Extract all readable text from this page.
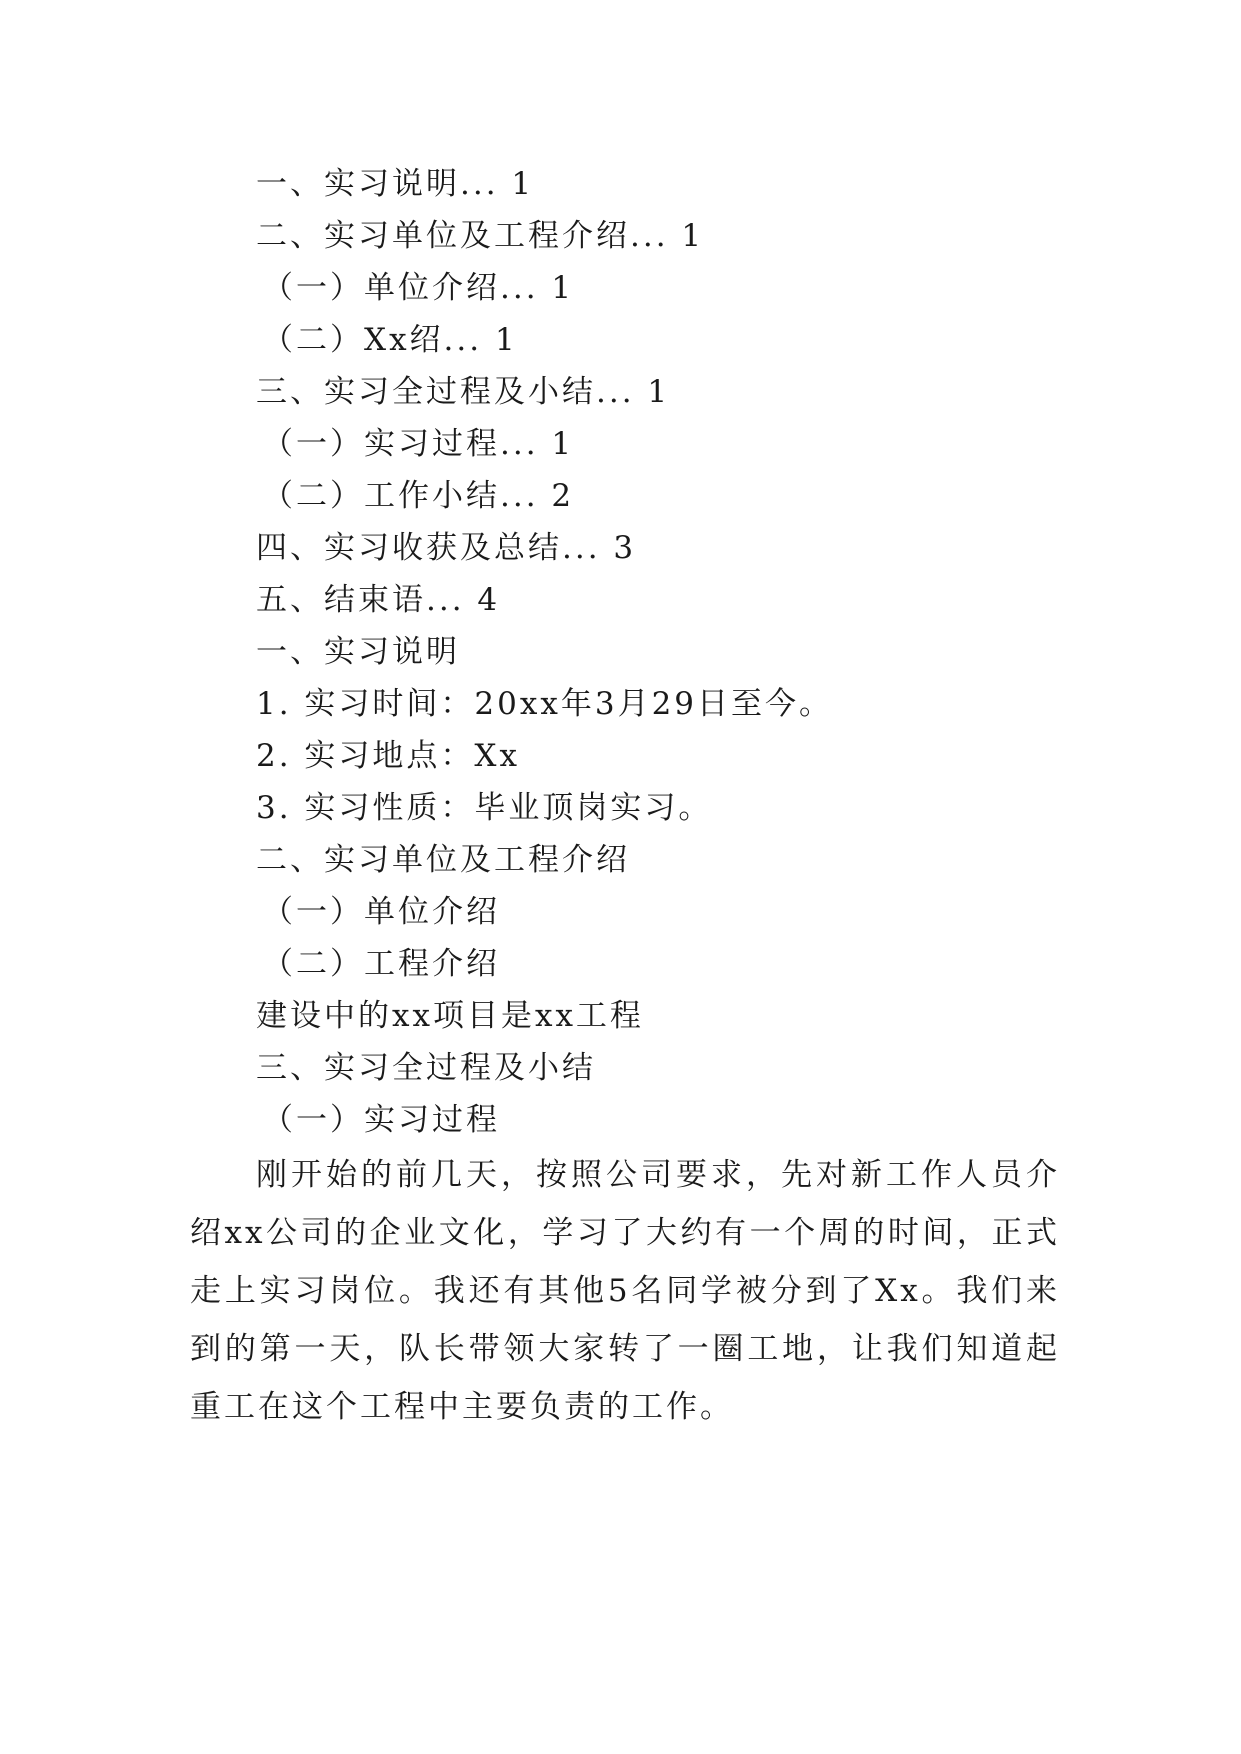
一、实习说明... 1
二、实习单位及工程介绍... 1
（一）单位介绍... 1
（二）Xx绍... 1
三、实习全过程及小结... 1
（一）实习过程... 1
（二）工作小结... 2
四、实习收获及总结... 3
五、结束语... 4
一、实习说明
1. 实习时间：20xx年3月29日至今。
2. 实习地点：Xx
3. 实习性质：毕业顶岗实习。
二、实习单位及工程介绍
（一）单位介绍
（二）工程介绍
建设中的xx项目是xx工程
三、实习全过程及小结
（一）实习过程
刚开始的前几天，按照公司要求，先对新工作人员介绍xx公司的企业文化，学习了大约有一个周的时间，正式走上实习岗位。我还有其他5名同学被分到了Xx。我们来到的第一天，队长带领大家转了一圈工地，让我们知道起重工在这个工程中主要负责的工作。
